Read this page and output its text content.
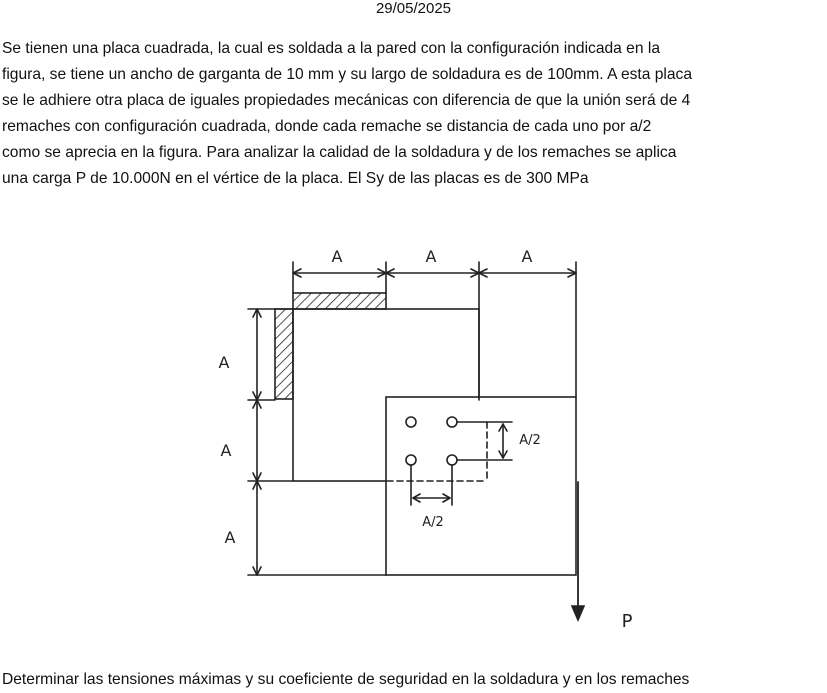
29/05/2025

Se tienen una placa cuadrada, la cual es soldada a la pared con la configuración indicada en la
figura, se tiene un ancho de garganta de 10 mm y su largo de soldadura es de 100mm. A esta placa
se le adhiere otra placa de iguales propiedades mecánicas con diferencia de que la unión será de 4
remaches con configuración cuadrada, donde cada remache se distancia de cada uno por a/2
como se aprecia en la figura. Para analizar la calidad de la soldadura y de los remaches se aplica
una carga P de 10.000N en el vértice de la placa. El Sy de las placas es de 300 MPa

A	A	A
A
A
A
A/2
A/2
P
Determinar las tensiones máximas y su coeficiente de seguridad en la soldadura y en los remaches
